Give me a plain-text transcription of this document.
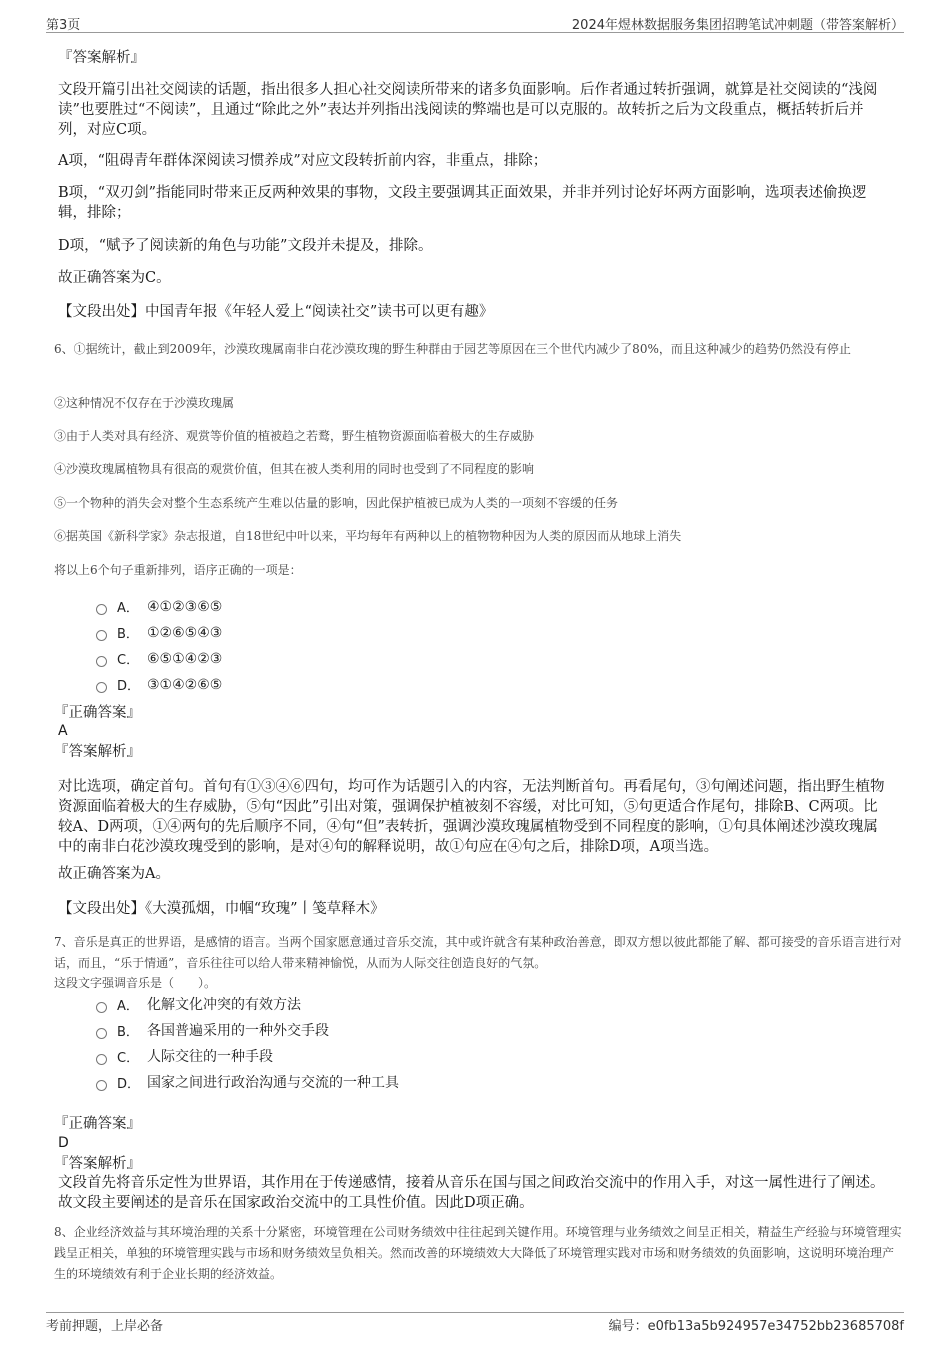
第3页	2024年煜林数据服务集团招聘笔试冲刺题（带答案解析）
『答案解析』
文段开篇引出社交阅读的话题，指出很多人担心社交阅读所带来的诸多负面影响。后作者通过转折强调，就算是社交阅读的“浅阅读”也要胜过“不阅读”，且通过“除此之外”表达并列指出浅阅读的弊端也是可以克服的。故转折之后为文段重点，概括转折后并列，对应C项。
A项，“阻碍青年群体深阅读习惯养成”对应文段转折前内容，非重点，排除；
B项，“双刃剑”指能同时带来正反两种效果的事物，文段主要强调其正面效果，并非并列讨论好坏两方面影响，选项表述偷换逻辑，排除；
D项，“赋予了阅读新的角色与功能”文段并未提及，排除。
故正确答案为C。
【文段出处】中国青年报《年轻人爱上“阅读社交”读书可以更有趣》
6、①据统计，截止到2009年，沙漠玫瑰属南非白花沙漠玫瑰的野生种群由于园艺等原因在三个世代内减少了80%，而且这种减少的趋势仍然没有停止
②这种情况不仅存在于沙漠玫瑰属
③由于人类对具有经济、观赏等价值的植被趋之若鹜，野生植物资源面临着极大的生存威胁
④沙漠玫瑰属植物具有很高的观赏价值，但其在被人类利用的同时也受到了不同程度的影响
⑤一个物种的消失会对整个生态系统产生难以估量的影响，因此保护植被已成为人类的一项刻不容缓的任务
⑥据英国《新科学家》杂志报道，自18世纪中叶以来，平均每年有两种以上的植物物种因为人类的原因而从地球上消失
将以上6个句子重新排列，语序正确的一项是：
A． ④①②③⑥⑤
B． ①②⑥⑤④③
C． ⑥⑤①④②③
D． ③①④②⑥⑤
『正确答案』
A
『答案解析』
对比选项，确定首句。首句有①③④⑥四句，均可作为话题引入的内容，无法判断首句。再看尾句，③句阐述问题，指出野生植物资源面临着极大的生存威胁，⑤句“因此”引出对策，强调保护植被刻不容缓，对比可知，⑤句更适合作尾句，排除B、C两项。比较A、D两项，①④两句的先后顺序不同，④句“但”表转折，强调沙漠玫瑰属植物受到不同程度的影响，①句具体阐述沙漠玫瑰属中的南非白花沙漠玫瑰受到的影响，是对④句的解释说明，故①句应在④句之后，排除D项，A项当选。
故正确答案为A。
【文段出处】《大漠孤烟，巾帼“玫瑰”丨笺草释木》
7、音乐是真正的世界语，是感情的语言。当两个国家愿意通过音乐交流，其中或许就含有某种政治善意，即双方想以彼此都能了解、都可接受的音乐语言进行对话，而且，“乐于情通”，音乐往往可以给人带来精神愉悦，从而为人际交往创造良好的气氛。
这段文字强调音乐是（　　）。
A． 化解文化冲突的有效方法
B． 各国普遍采用的一种外交手段
C． 人际交往的一种手段
D． 国家之间进行政治沟通与交流的一种工具
『正确答案』
D
『答案解析』
文段首先将音乐定性为世界语，其作用在于传递感情，接着从音乐在国与国之间政治交流中的作用入手，对这一属性进行了阐述。故文段主要阐述的是音乐在国家政治交流中的工具性价值。因此D项正确。
8、企业经济效益与其环境治理的关系十分紧密，环境管理在公司财务绩效中往往起到关键作用。环境管理与业务绩效之间呈正相关，精益生产经验与环境管理实践呈正相关，单独的环境管理实践与市场和财务绩效呈负相关。然而改善的环境绩效大大降低了环境管理实践对市场和财务绩效的负面影响，这说明环境治理产生的环境绩效有利于企业长期的经济效益。
考前押题，上岸必备	编号：e0fb13a5b924957e34752bb23685708f
